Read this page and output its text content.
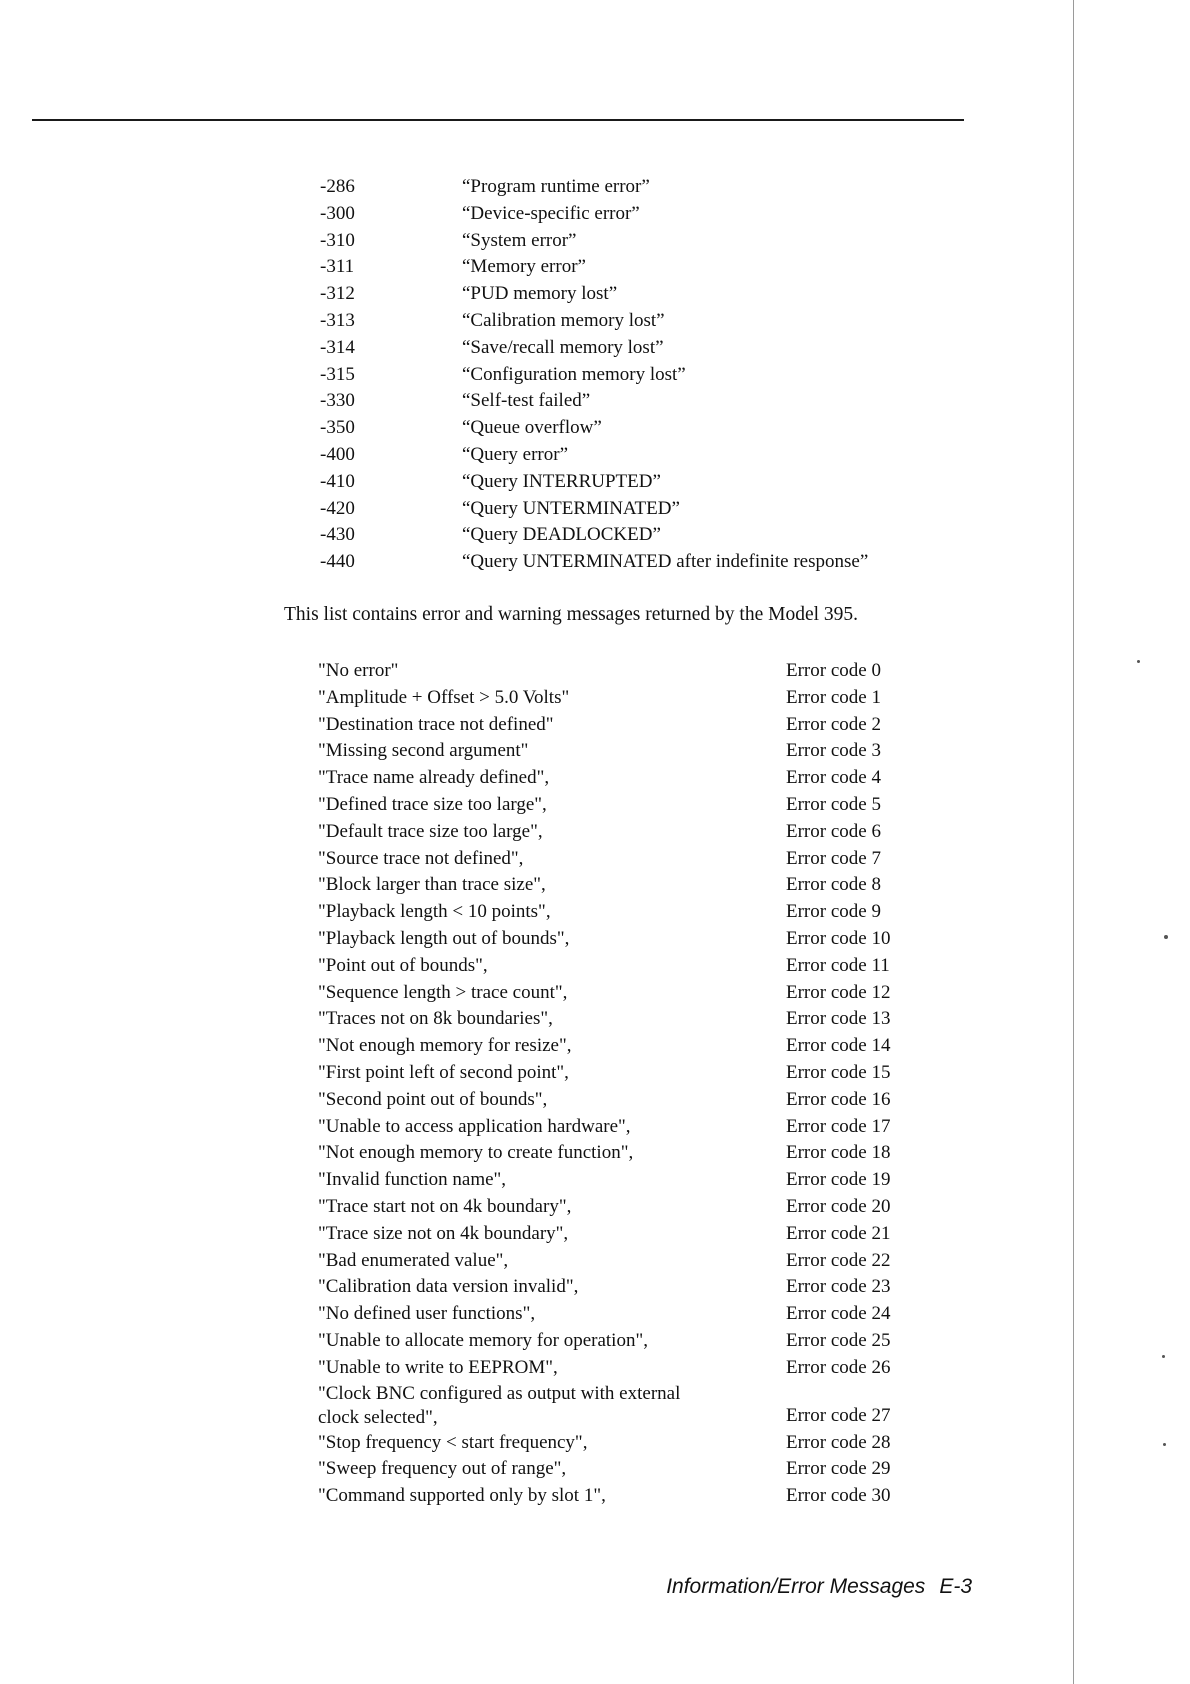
-286	“Program runtime error”
-300	“Device-specific error”
-310	“System error”
-311	“Memory error”
-312	“PUD memory lost”
-313	“Calibration memory lost”
-314	“Save/recall memory lost”
-315	“Configuration memory lost”
-330	“Self-test failed”
-350	“Queue overflow”
-400	“Query error”
-410	“Query INTERRUPTED”
-420	“Query UNTERMINATED”
-430	“Query DEADLOCKED”
-440	“Query UNTERMINATED after indefinite response”
This list contains error and warning messages returned by the Model 395.
"No error"	Error code 0
"Amplitude + Offset > 5.0 Volts"	Error code 1
"Destination trace not defined"	Error code 2
"Missing second argument"	Error code 3
"Trace name already defined",	Error code 4
"Defined trace size too large",	Error code 5
"Default trace size too large",	Error code 6
"Source trace not defined",	Error code 7
"Block larger than trace size",	Error code 8
"Playback length < 10 points",	Error code 9
"Playback length out of bounds",	Error code 10
"Point out of bounds",	Error code 11
"Sequence length > trace count",	Error code 12
"Traces not on 8k boundaries",	Error code 13
"Not enough memory for resize",	Error code 14
"First point left of second point",	Error code 15
"Second point out of bounds",	Error code 16
"Unable to access application hardware",	Error code 17
"Not enough memory to create function",	Error code 18
"Invalid function name",	Error code 19
"Trace start not on 4k boundary",	Error code 20
"Trace size not on 4k boundary",	Error code 21
"Bad enumerated value",	Error code 22
"Calibration data version invalid",	Error code 23
"No defined user functions",	Error code 24
"Unable to allocate memory for operation",	Error code 25
"Unable to write to EEPROM",	Error code 26
"Clock BNC configured as output with external clock selected",	Error code 27
"Stop frequency < start frequency",	Error code 28
"Sweep frequency out of range",	Error code 29
"Command supported only by slot 1",	Error code 30
Information/Error Messages E-3
